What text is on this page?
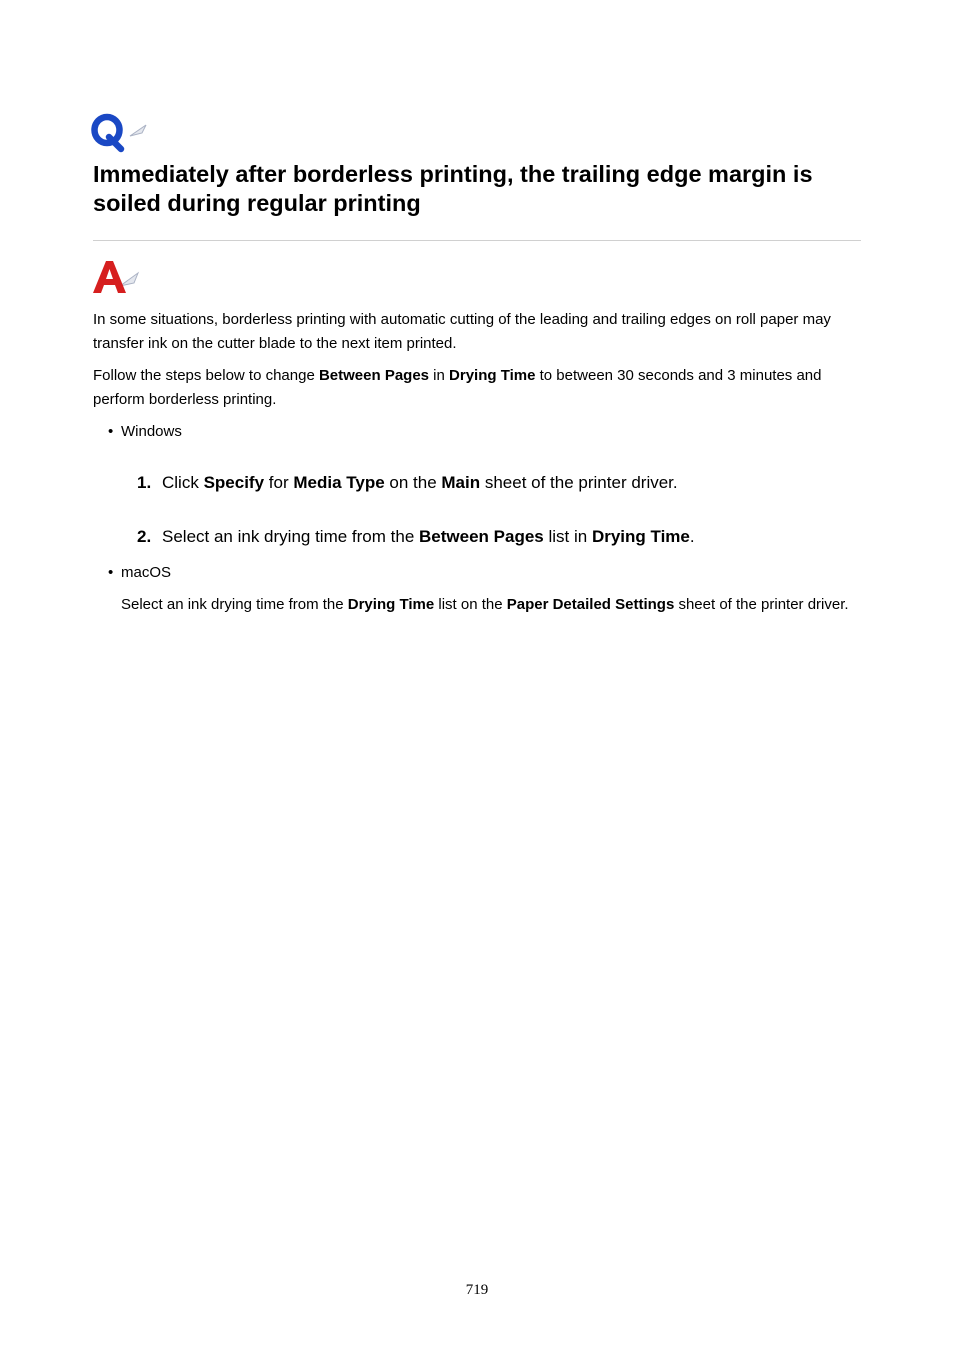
Immediately after borderless printing, the trailing edge margin is soiled during regular printing

In some situations, borderless printing with automatic cutting of the leading and trailing edges on roll paper may transfer ink on the cutter blade to the next item printed.

Follow the steps below to change Between Pages in Drying Time to between 30 seconds and 3 minutes and perform borderless printing.

• Windows
1. Click Specify for Media Type on the Main sheet of the printer driver.
2. Select an ink drying time from the Between Pages list in Drying Time.
• macOS

Select an ink drying time from the Drying Time list on the Paper Detailed Settings sheet of the printer driver.

719
